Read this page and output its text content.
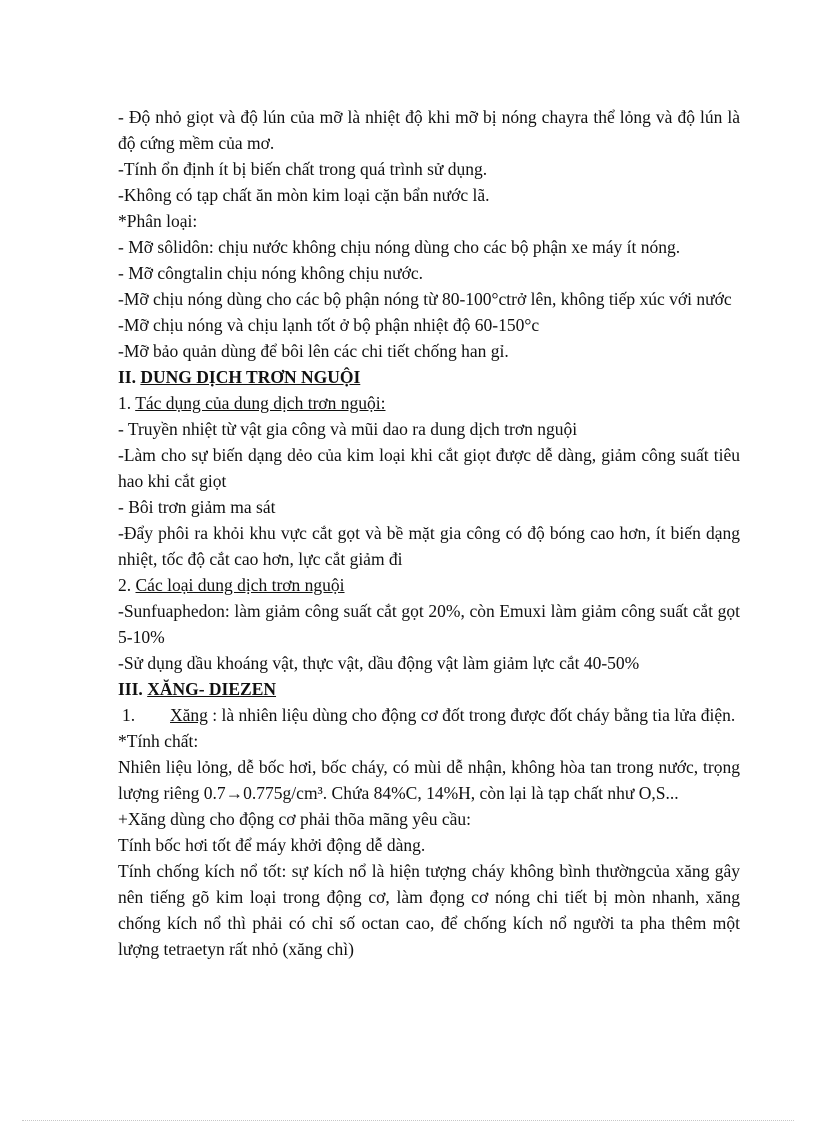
- Độ nhỏ giọt và độ lún của mỡ là nhiệt độ khi mỡ bị nóng chayra thể lỏng và độ lún là độ cứng mềm của mơ.

-Tính ổn định ít bị biến chất trong quá trình sử dụng.

-Không có tạp chất ăn mòn kim loại cặn bẩn nước lã.

*Phân loại:

- Mỡ sôlidôn: chịu nước không chịu nóng dùng cho các bộ phận xe máy ít nóng.

- Mỡ côngtalin chịu nóng không chịu nước.

-Mỡ chịu nóng dùng cho các bộ phận nóng từ 80-100°ctrở lên, không tiếp xúc với nước

-Mỡ chịu nóng và chịu lạnh tốt ở bộ phận nhiệt độ 60-150°c

-Mỡ bảo quản dùng để bôi lên các chi tiết chống han gỉ.

II. DUNG DỊCH TRƠN NGUỘI

1. Tác dụng của dung dịch trơn nguội:

- Truyền nhiệt từ vật gia công và mũi dao ra dung dịch trơn nguội

-Làm cho sự biến dạng dẻo của kim loại khi cắt giọt được dễ dàng, giảm công suất tiêu hao khi cắt giọt

- Bôi trơn giảm ma sát

-Đẩy phôi ra khỏi khu vực cắt gọt và bề mặt gia công có độ bóng cao hơn, ít biến dạng nhiệt, tốc độ cắt cao hơn, lực cắt giảm đi

2. Các loại dung dịch trơn nguội

-Sunfuaphedon: làm giảm công suất cắt gọt 20%, còn Emuxi làm giảm công suất cắt gọt 5-10%

-Sử dụng dầu khoáng vật, thực vật, dầu động vật làm giảm lực cắt 40-50%

III. XĂNG- DIEZEN

1.	Xăng : là nhiên liệu dùng cho động cơ đốt trong được đốt cháy bằng tia lửa điện.

*Tính chất:

Nhiên liệu lỏng, dễ bốc hơi, bốc cháy, có mùi dễ nhận, không hòa tan trong nước, trọng lượng riêng 0.7→0.775g/cm³. Chứa 84%C, 14%H, còn lại là tạp chất như O,S...

+Xăng dùng cho động cơ phải thõa mãng yêu cầu:

Tính bốc hơi tốt để máy khởi động dễ dàng.

Tính chống kích nổ tốt: sự kích nổ là hiện tượng cháy không bình thườngcủa xăng gây nên tiếng gõ kim loại trong động cơ, làm đọng cơ nóng chi tiết bị mòn nhanh, xăng chống kích nổ thì phải có chỉ số octan cao, để chống kích nổ người ta pha thêm một lượng tetraetyn rất nhỏ (xăng chì)
